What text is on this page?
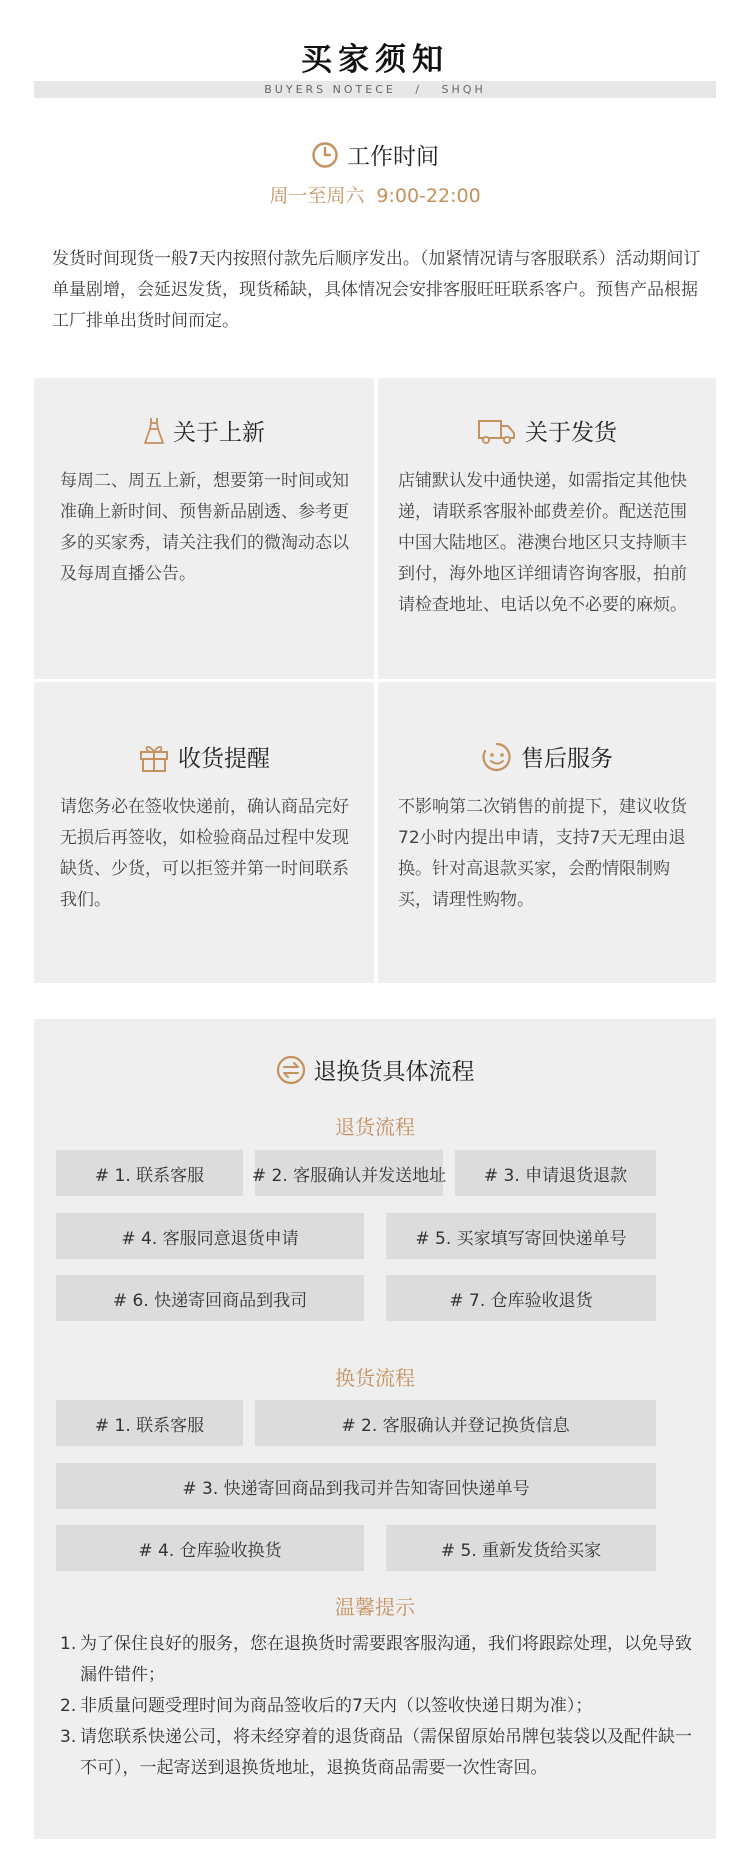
买家须知
BUYERS NOTECE   /   SHQH
工作时间
周一至周六  9:00-22:00
发货时间现货一般7天内按照付款先后顺序发出。（加紧情况请与客服联系）活动期间订单量剧增，会延迟发货，现货稀缺，具体情况会安排客服旺旺联系客户。预售产品根据工厂排单出货时间而定。
关于上新
每周二、周五上新，想要第一时间或知准确上新时间、预售新品剧透、参考更多的买家秀，请关注我们的微淘动态以及每周直播公告。
关于发货
店铺默认发中通快递，如需指定其他快递，请联系客服补邮费差价。配送范围中国大陆地区。港澳台地区只支持顺丰到付，海外地区详细请咨询客服，拍前请检查地址、电话以免不必要的麻烦。
收货提醒
请您务必在签收快递前，确认商品完好无损后再签收，如检验商品过程中发现缺货、少货，可以拒签并第一时间联系我们。
售后服务
不影响第二次销售的前提下，建议收货72小时内提出申请，支持7天无理由退换。针对高退款买家，会酌情限制购买，请理性购物。
退换货具体流程
退货流程
# 1. 联系客服	# 2. 客服确认并发送地址	# 3. 申请退货退款
# 4. 客服同意退货申请	# 5. 买家填写寄回快递单号
# 6. 快递寄回商品到我司	# 7. 仓库验收退货
换货流程
# 1. 联系客服	# 2. 客服确认并登记换货信息
# 3. 快递寄回商品到我司并告知寄回快递单号
# 4. 仓库验收换货	# 5. 重新发货给买家
温馨提示
1. 为了保住良好的服务，您在退换货时需要跟客服沟通，我们将跟踪处理，以免导致漏件错件；
2. 非质量问题受理时间为商品签收后的7天内（以签收快递日期为准）；
3. 请您联系快递公司，将未经穿着的退货商品（需保留原始吊牌包装袋以及配件缺一不可），一起寄送到退换货地址，退换货商品需要一次性寄回。
